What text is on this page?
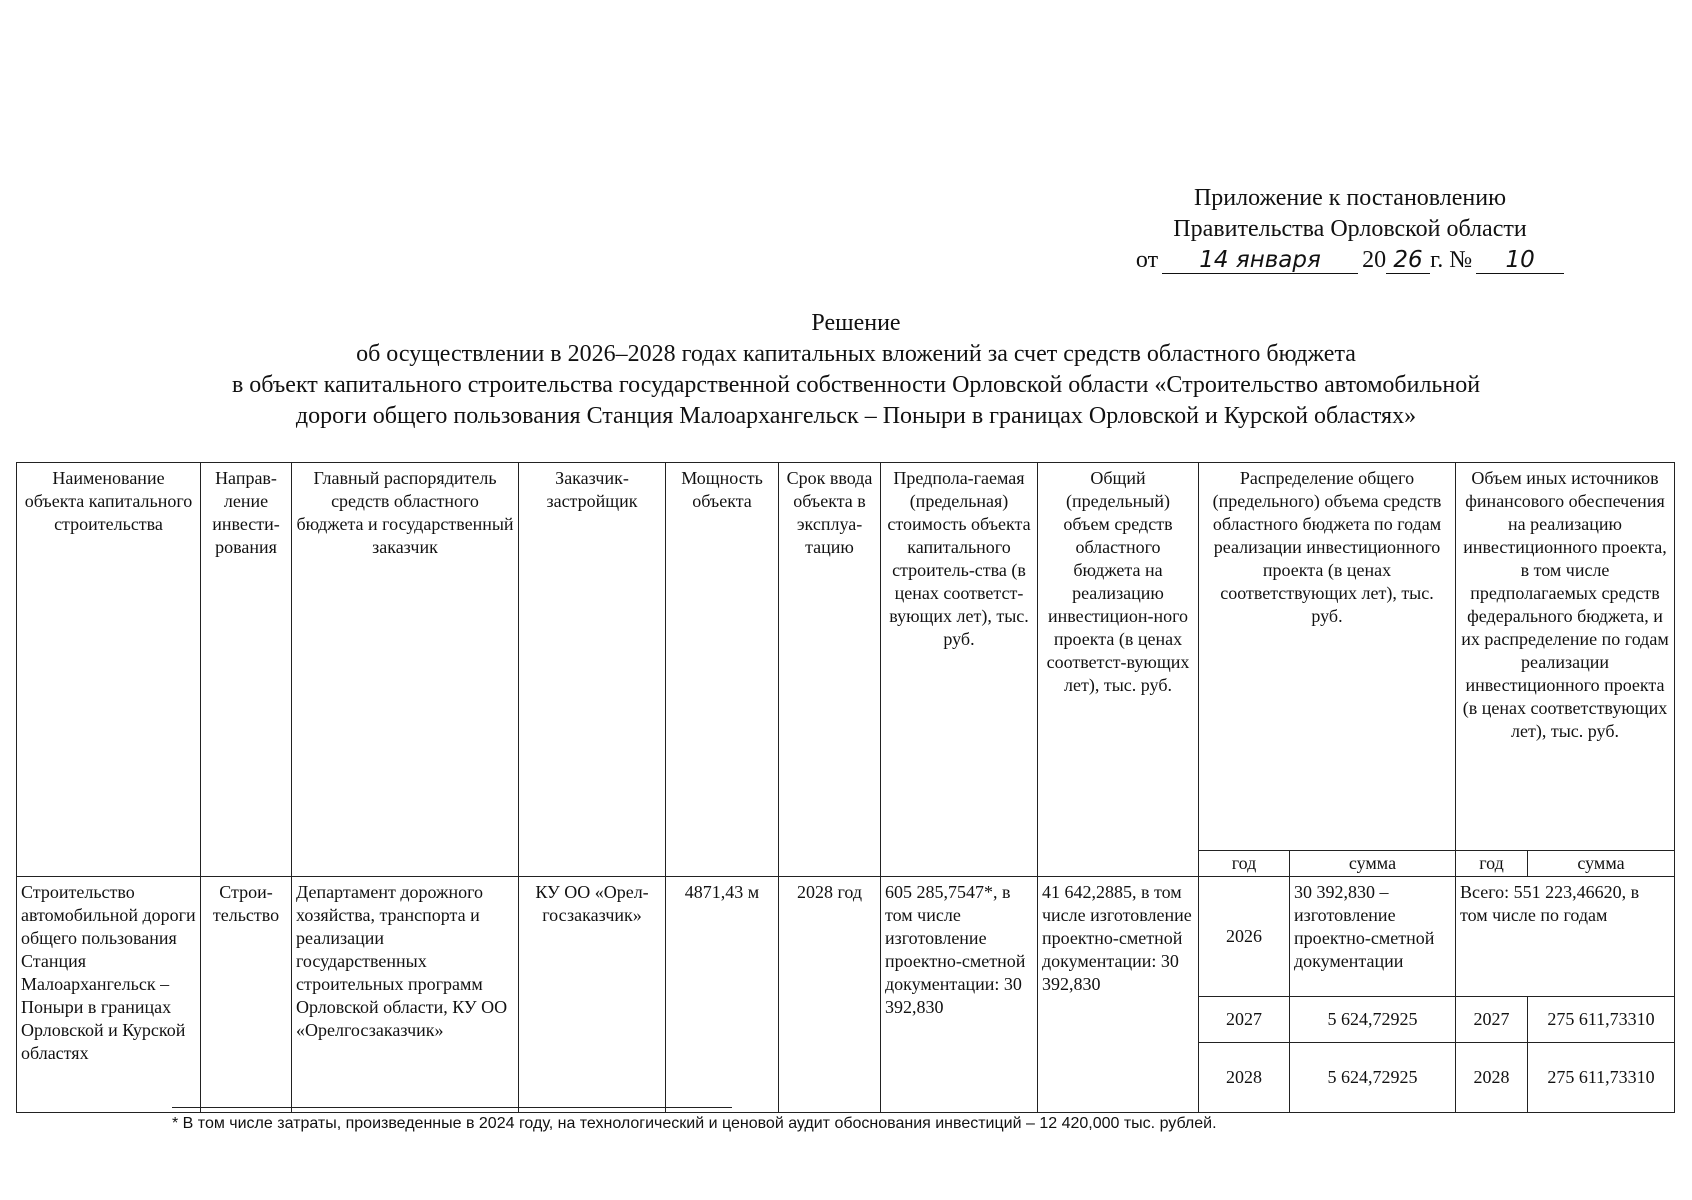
Приложение к постановлению
Правительства Орловской области
от	14 января	20 26 г. №	10
Решение
об осуществлении в 2026–2028 годах капитальных вложений за счет средств областного бюджета
в объект капитального строительства государственной собственности Орловской области «Строительство автомобильной
дороги общего пользования Станция Малоархангельск – Поныри в границах Орловской и Курской областях»
Наименование объекта капитального строительства	Направ-ление инвести-рования	Главный распорядитель средств областного бюджета и государственный заказчик	Заказчик-застройщик	Мощность объекта	Срок ввода объекта в эксплуа-тацию	Предпола-гаемая (предельная) стоимость объекта капитального строитель-ства (в ценах соответст-вующих лет), тыс. руб.	Общий (предельный) объем средств областного бюджета на реализацию инвестицион-ного проекта (в ценах соответст-вующих лет), тыс. руб.	Распределение общего (предельного) объема средств областного бюджета по годам реализации инвестиционного проекта (в ценах соответствующих лет), тыс. руб.		Объем иных источников финансового обеспечения на реализацию инвестиционного проекта, в том числе предполагаемых средств федерального бюджета, и их распределение по годам реализации инвестиционного проекта (в ценах соответствующих лет), тыс. руб.	
								год	сумма	год	сумма
Строительство автомобильной дороги общего пользования Станция Малоархангельск – Поныри в границах Орловской и Курской областях	Строи-тельство	Департамент дорожного хозяйства, транспорта и реализации государственных строительных программ Орловской области, КУ ОО «Орелгосзаказчик»	КУ ОО «Орел-госзаказчик»	4871,43 м	2028 год	605 285,7547*, в том числе изготовление проектно-сметной документации: 30 392,830	41 642,2885, в том числе изготовление проектно-сметной документации: 30 392,830	2026	30 392,830 – изготовление проектно-сметной документации	Всего: 551 223,46620, в том числе по годам	
								2027	5 624,72925	2027	275 611,73310
								2028	5 624,72925	2028	275 611,73310
* В том числе затраты, произведенные в 2024 году, на технологический и ценовой аудит обоснования инвестиций – 12 420,000 тыс. рублей.
